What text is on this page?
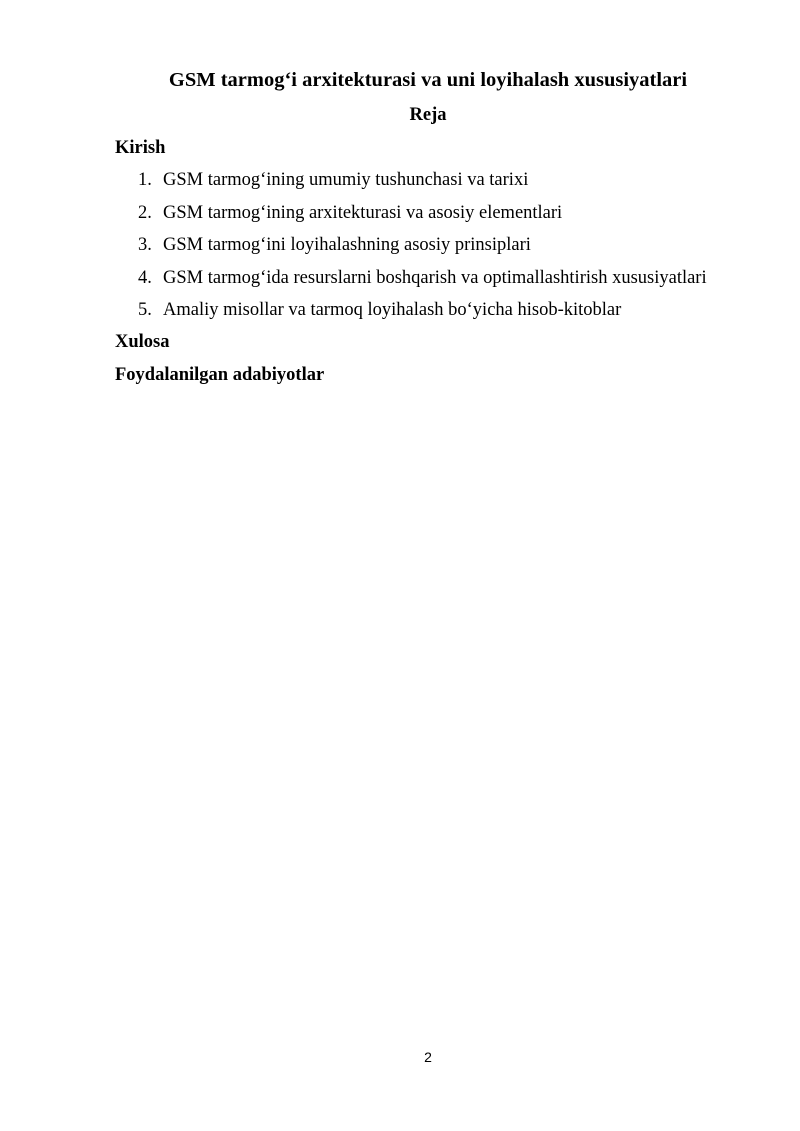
GSM tarmog‘i arxitekturasi va uni loyihalash xususiyatlari
Reja
Kirish
1. GSM tarmog‘ining umumiy tushunchasi va tarixi
2. GSM tarmog‘ining arxitekturasi va asosiy elementlari
3. GSM tarmog‘ini loyihalashning asosiy prinsiplari
4. GSM tarmog‘ida resurslarni boshqarish va optimallashtirish xususiyatlari
5. Amaliy misollar va tarmoq loyihalash bo‘yicha hisob-kitoblar
Xulosa
Foydalanilgan adabiyotlar
2
